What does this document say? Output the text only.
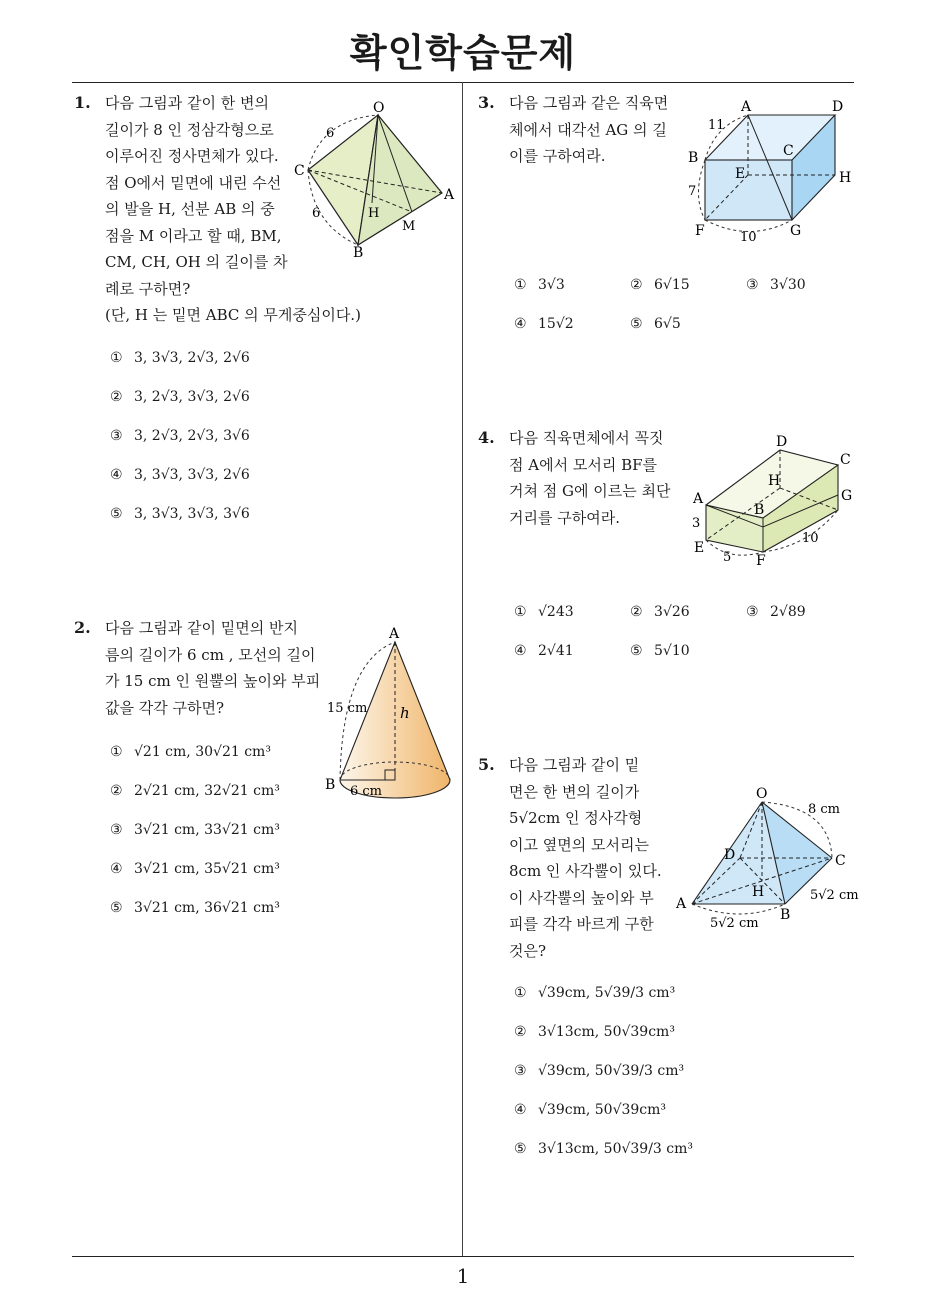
확인학습문제
1
1. 다음 그림과 같이 한 변의
길이가 8 인 정삼각형으로
이루어진 정사면체가 있다.
점 O에서 밑면에 내린 수선
의 발을 H, 선분 AB 의 중
점을 M 이라고 할 때, BM,
CM, CH, OH 의 길이를 차
례로 구하면?
(단, H 는 밑면 ABC 의 무게중심이다.)
O
C
A
H
M
B
6
6
① 3, 3√3, 2√3, 2√6
② 3, 2√3, 3√3, 2√6
③ 3, 2√3, 2√3, 3√6
④ 3, 3√3, 3√3, 2√6
⑤ 3, 3√3, 3√3, 3√6
2. 다음 그림과 같이 밑면의 반지
름의 길이가 6 cm , 모선의 길이
가 15 cm 인 원뿔의 높이와 부피
값을 각각 구하면?
A
15 cm h
B 6 cm
① √21 cm, 30√21 cm³
② 2√21 cm, 32√21 cm³
③ 3√21 cm, 33√21 cm³
④ 3√21 cm, 35√21 cm³
⑤ 3√21 cm, 36√21 cm³
3. 다음 그림과 같은 직육면
체에서 대각선 AG 의 길
이를 구하여라.
A	D
11
B	C
E	H
7
F	10 G
① 3√3	② 6√15	③ 3√30
④ 15√2	⑤ 6√5
4. 다음 직육면체에서 꼭짓
점 A에서 모서리 BF를
거쳐 점 G에 이르는 최단
거리를 구하여라.
D
C
H
G
A
B
3
E
5 F
10
① √243	② 3√26	③ 2√89
④ 2√41	⑤ 5√10
5. 다음 그림과 같이 밑
면은 한 변의 길이가
5√2cm 인 정사각형
이고 옆면의 모서리는
8cm 인 사각뿔이 있다.
이 사각뿔의 높이와 부
피를 각각 바르게 구한
것은?
O
8 cm
D	C
H
A
B
5√2 cm
5√2 cm
① √39cm, 5√39/3 cm³
② 3√13cm, 50√39cm³
③ √39cm, 50√39/3 cm³
④ √39cm, 50√39cm³
⑤ 3√13cm, 50√39/3 cm³
